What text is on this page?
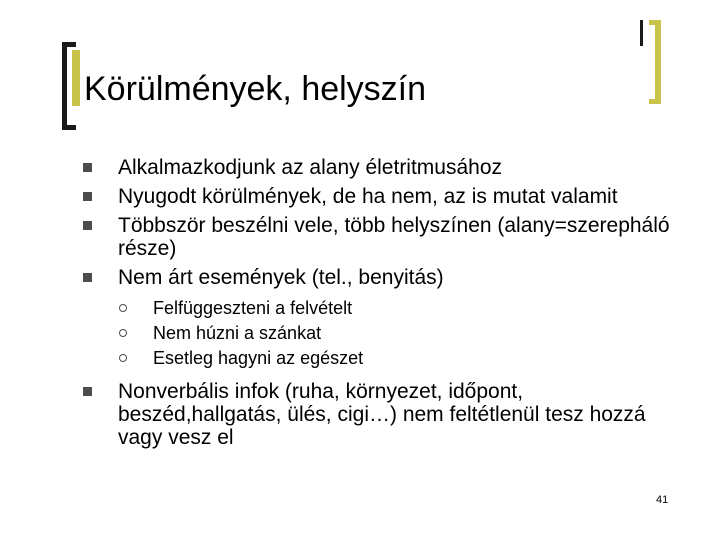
Körülmények, helyszín
Alkalmazkodjunk az alany életritmusához
Nyugodt körülmények, de ha nem, az is mutat valamit
Többször beszélni vele, több helyszínen (alany=szerepháló része)
Nem árt események (tel., benyitás)
Felfüggeszteni a felvételt
Nem húzni a szánkat
Esetleg hagyni az egészet
Nonverbális infok (ruha, környezet, időpont, beszéd,hallgatás, ülés, cigi…) nem feltétlenül tesz hozzá vagy vesz el
41
